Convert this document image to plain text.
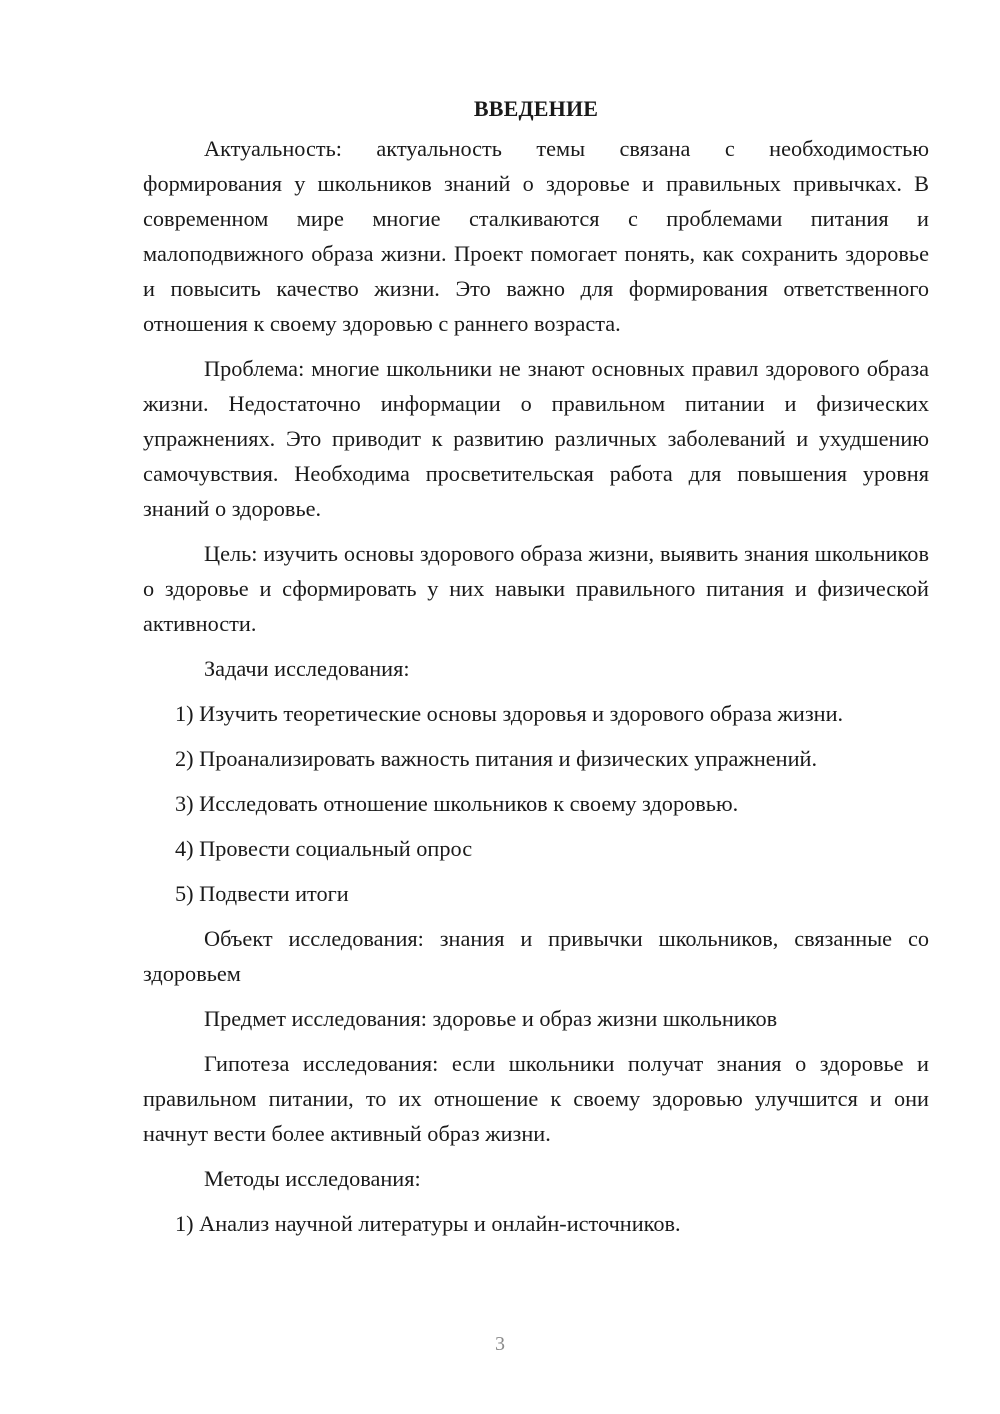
ВВЕДЕНИЕ

Актуальность: актуальность темы связана с необходимостью формирования у школьников знаний о здоровье и правильных привычках. В современном мире многие сталкиваются с проблемами питания и малоподвижного образа жизни. Проект помогает понять, как сохранить здоровье и повысить качество жизни. Это важно для формирования ответственного отношения к своему здоровью с раннего возраста.

Проблема: многие школьники не знают основных правил здорового образа жизни. Недостаточно информации о правильном питании и физических упражнениях. Это приводит к развитию различных заболеваний и ухудшению самочувствия. Необходима просветительская работа для повышения уровня знаний о здоровье.

Цель: изучить основы здорового образа жизни, выявить знания школьников о здоровье и сформировать у них навыки правильного питания и физической активности.

Задачи исследования:
1) Изучить теоретические основы здоровья и здорового образа жизни.
2) Проанализировать важность питания и физических упражнений.
3) Исследовать отношение школьников к своему здоровью.
4) Провести социальный опрос
5) Подвести итоги

Объект исследования: знания и привычки школьников, связанные со здоровьем

Предмет исследования: здоровье и образ жизни школьников

Гипотеза исследования: если школьники получат знания о здоровье и правильном питании, то их отношение к своему здоровью улучшится и они начнут вести более активный образ жизни.

Методы исследования:
1) Анализ научной литературы и онлайн-источников.
3
